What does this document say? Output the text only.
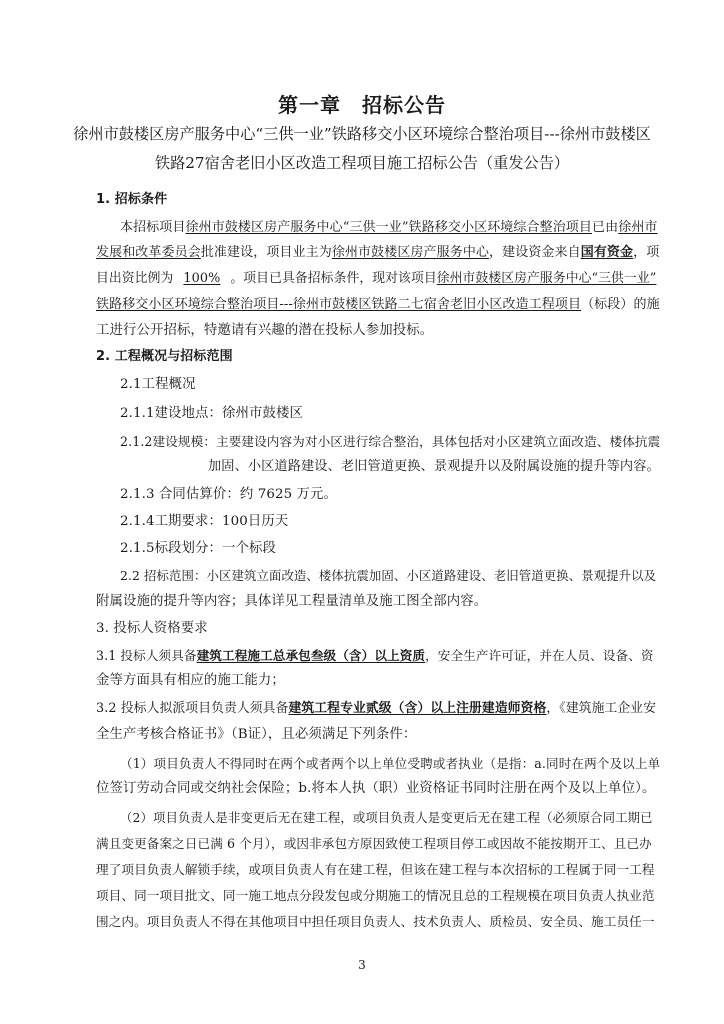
第一章　招标公告
徐州市鼓楼区房产服务中心“三供一业”铁路移交小区环境综合整治项目---徐州市鼓楼区
铁路27宿舍老旧小区改造工程项目施工招标公告（重发公告）
1. 招标条件
本招标项目徐州市鼓楼区房产服务中心“三供一业”铁路移交小区环境综合整治项目已由徐州市
发展和改革委员会批准建设，项目业主为徐州市鼓楼区房产服务中心，建设资金来自国有资金，项
目出资比例为 100% 。项目已具备招标条件，现对该项目徐州市鼓楼区房产服务中心“三供一业”
铁路移交小区环境综合整治项目---徐州市鼓楼区铁路二七宿舍老旧小区改造工程项目（标段）的施
工进行公开招标，特邀请有兴趣的潜在投标人参加投标。
2. 工程概况与招标范围
2.1工程概况
2.1.1建设地点：徐州市鼓楼区
2.1.2建设规模：主要建设内容为对小区进行综合整治，具体包括对小区建筑立面改造、楼体抗震
加固、小区道路建设、老旧管道更换、景观提升以及附属设施的提升等内容。
2.1.3 合同估算价：约 7625 万元。
2.1.4工期要求：100日历天
2.1.5标段划分：一个标段
2.2 招标范围：小区建筑立面改造、楼体抗震加固、小区道路建设、老旧管道更换、景观提升以及
附属设施的提升等内容；具体详见工程量清单及施工图全部内容。
3. 投标人资格要求
3.1 投标人须具备建筑工程施工总承包叁级（含）以上资质，安全生产许可证，并在人员、设备、资
金等方面具有相应的施工能力；
3.2 投标人拟派项目负责人须具备建筑工程专业贰级（含）以上注册建造师资格，《建筑施工企业安
全生产考核合格证书》（B证），且必须满足下列条件：
（1）项目负责人不得同时在两个或者两个以上单位受聘或者执业（是指：a.同时在两个及以上单
位签订劳动合同或交纳社会保险；b.将本人执（职）业资格证书同时注册在两个及以上单位）。
（2）项目负责人是非变更后无在建工程，或项目负责人是变更后无在建工程（必须原合同工期已
满且变更备案之日已满 6 个月），或因非承包方原因致使工程项目停工或因故不能按期开工、且已办
理了项目负责人解锁手续，或项目负责人有在建工程，但该在建工程与本次招标的工程属于同一工程
项目、同一项目批文、同一施工地点分段发包或分期施工的情况且总的工程规模在项目负责人执业范
围之内。项目负责人不得在其他项目中担任项目负责人、技术负责人、质检员、安全员、施工员任一
3
